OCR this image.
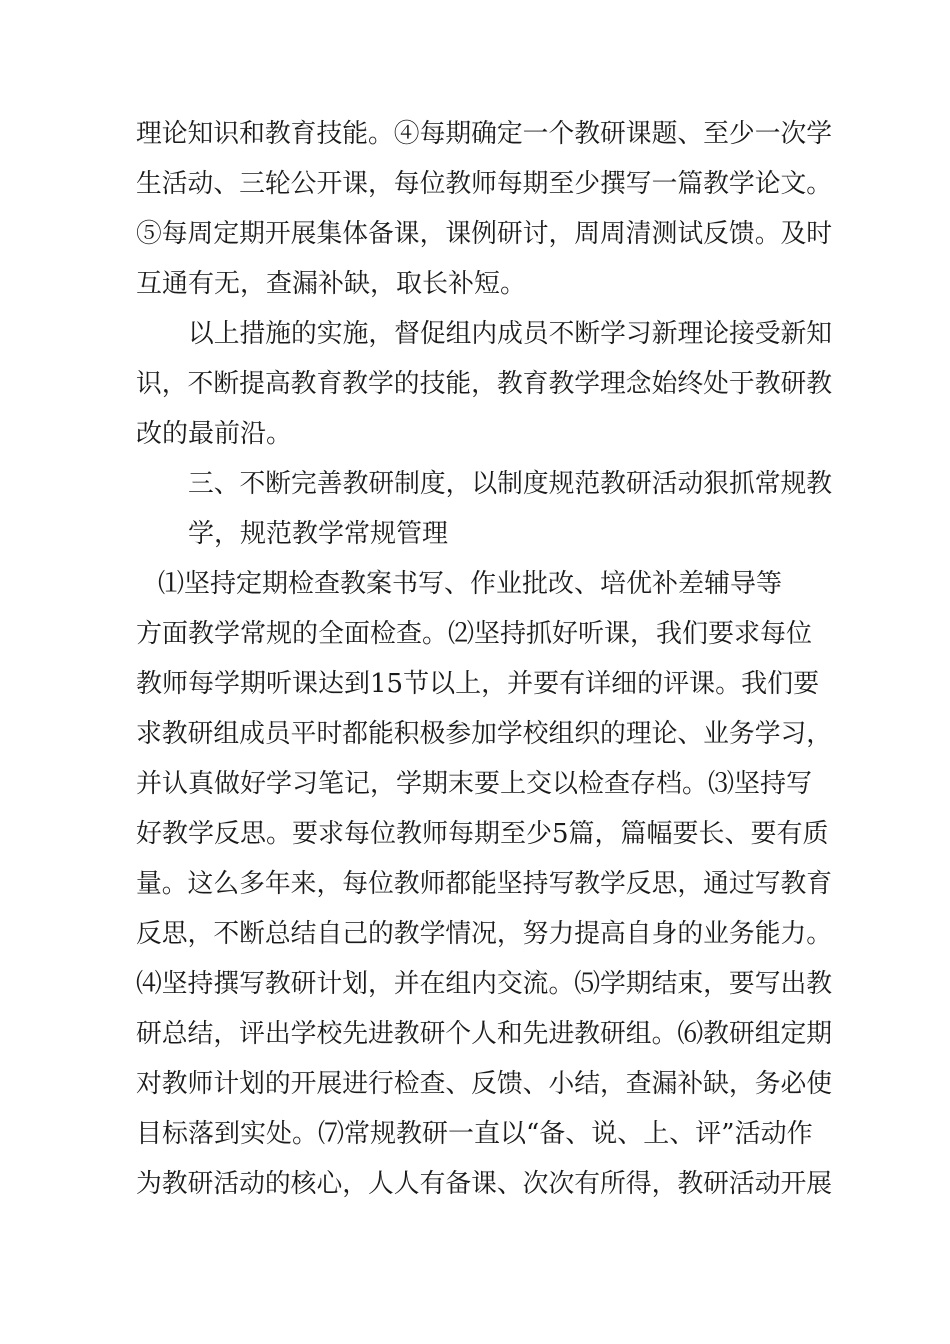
理论知识和教育技能。④每期确定一个教研课题、至少一次学
生活动、三轮公开课，每位教师每期至少撰写一篇教学论文。
⑤每周定期开展集体备课，课例研讨，周周清测试反馈。及时
互通有无，查漏补缺，取长补短。
以上措施的实施，督促组内成员不断学习新理论接受新知
识，不断提高教育教学的技能，教育教学理念始终处于教研教
改的最前沿。
三、不断完善教研制度，以制度规范教研活动狠抓常规教
学，规范教学常规管理
⑴坚持定期检查教案书写、作业批改、培优补差辅导等
方面教学常规的全面检查。⑵坚持抓好听课，我们要求每位
教师每学期听课达到15节以上，并要有详细的评课。我们要
求教研组成员平时都能积极参加学校组织的理论、业务学习，
并认真做好学习笔记，学期末要上交以检查存档。⑶坚持写
好教学反思。要求每位教师每期至少5篇，篇幅要长、要有质
量。这么多年来，每位教师都能坚持写教学反思，通过写教育
反思，不断总结自己的教学情况，努力提高自身的业务能力。
⑷坚持撰写教研计划，并在组内交流。⑸学期结束，要写出教
研总结，评出学校先进教研个人和先进教研组。⑹教研组定期
对教师计划的开展进行检查、反馈、小结，查漏补缺，务必使
目标落到实处。⑺常规教研一直以“备、说、上、评”活动作
为教研活动的核心，人人有备课、次次有所得，教研活动开展
